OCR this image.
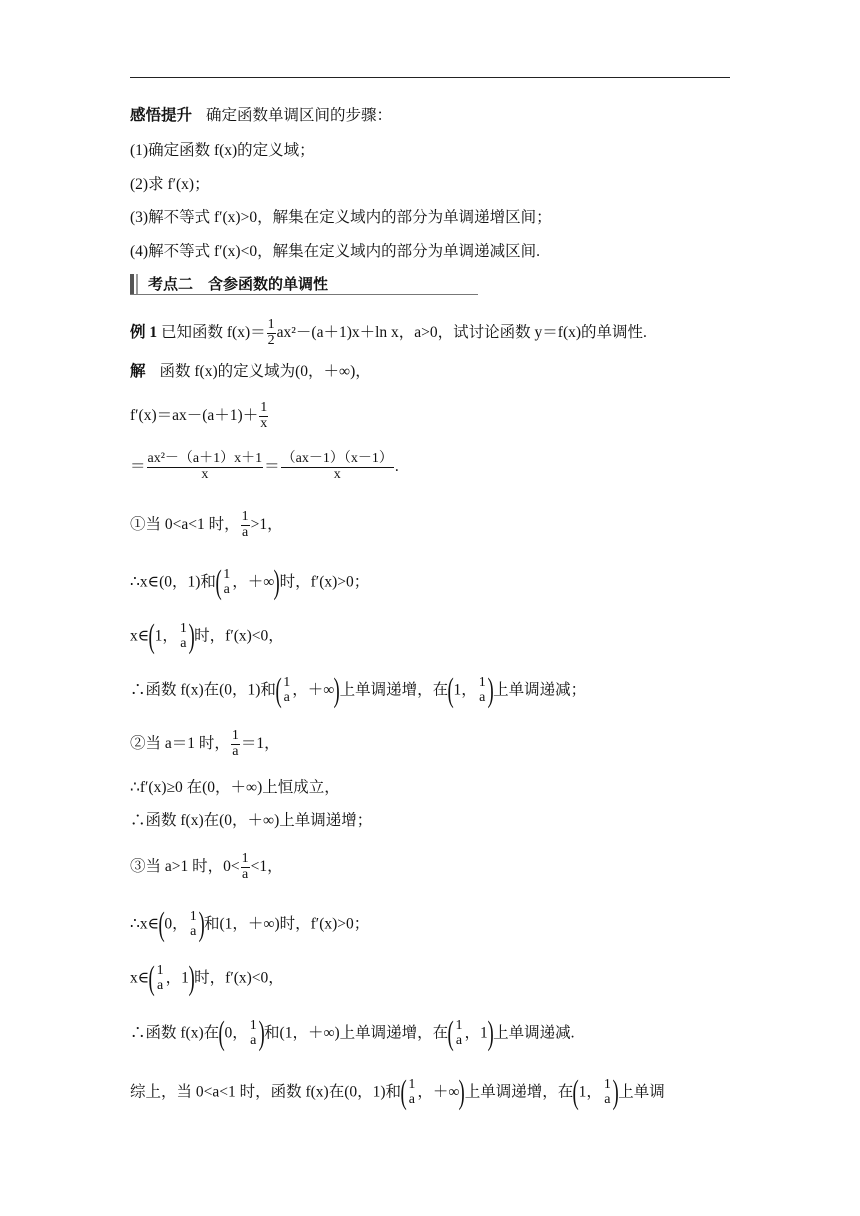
感悟提升 确定函数单调区间的步骤：
(1)确定函数 f(x)的定义域；
(2)求 f′(x)；
(3)解不等式 f′(x)>0，解集在定义域内的部分为单调递增区间；
(4)解不等式 f′(x)<0，解集在定义域内的部分为单调递减区间.
考点二　含参函数的单调性
例 1 已知函数 $f(x)= \frac{1}{2} ax^2-(a+1)x+\ln$ x，a>0，试讨论函数 y＝f(x)的单调性.
解 函数 f(x)的定义域为(0，＋∞)，
$f'(x)=ax-(a+1)+ \frac{1}{x}$
＝ $\frac{\text{ax²－（a＋1）x＋1}}{x} = \frac{(ax-1)(x-1)}{x}$ .
①当 0<a<1 时， $\frac{1}{a} >1$，
∴x∈(0，1)和( 1
a ，＋∞)时，f′(x)>0；
x∈(1， 1
a )时，f′(x)<0，
∴函数 f(x)在(0，1)和( 1
a ，＋∞)上单调递增，在(1， 1
a )上单调递减；
②当 a＝1 时， $\frac{1}{a} =1$，
∴f′(x)≥0 在(0，＋∞)上恒成立，
∴函数 f(x)在(0，＋∞)上单调递增；
③当 a>1 时，$0< \frac{1}{a} <1$，
∴x∈(0， 1
a )和(1，＋∞)时，f′(x)>0；
x∈( 1
a ，1)时，f′(x)<0，
∴函数 f(x)在(0， 1
a )和(1，＋∞)上单调递增，在( 1
a ，1)上单调递减.
综上，当 0<a<1 时，函数 f(x)在(0，1)和( 1
a ，＋∞)上单调递增，在(1， 1
a )上单调
